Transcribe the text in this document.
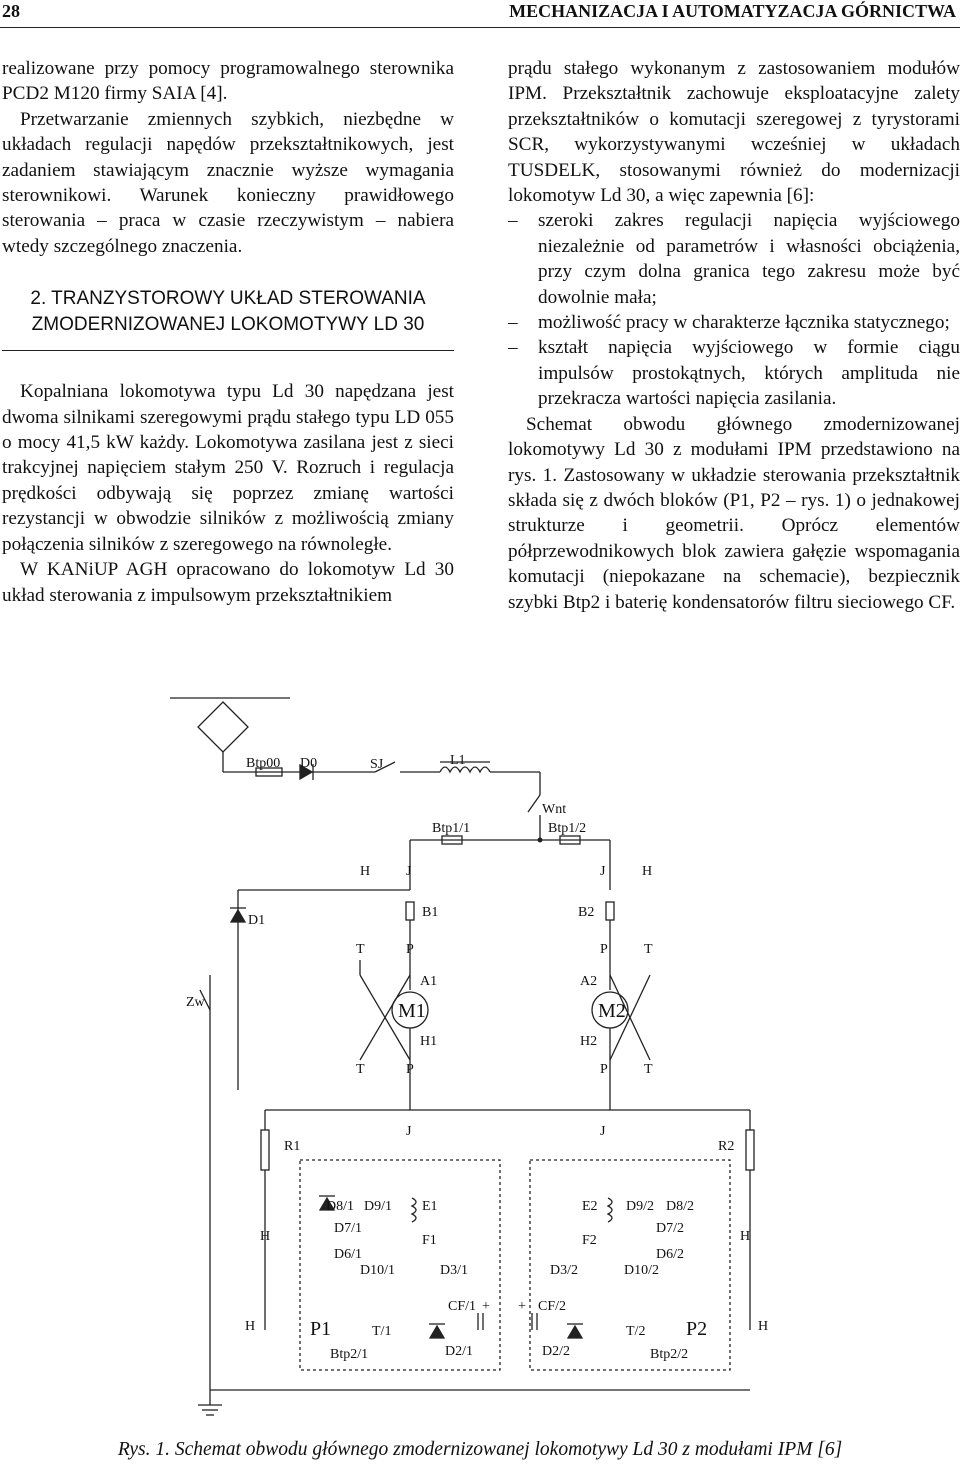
28	MECHANIZACJA I AUTOMATYZACJA GÓRNICTWA

realizowane przy pomocy programowalnego sterownika PCD2 M120 firmy SAIA [4].

Przetwarzanie zmiennych szybkich, niezbędne w układach regulacji napędów przekształtnikowych, jest zadaniem stawiającym znacznie wyższe wymagania sterownikowi. Warunek konieczny prawidłowego sterowania – praca w czasie rzeczywistym – nabiera wtedy szczególnego znaczenia.

2. TRANZYSTOROWY UKŁAD STEROWANIA
ZMODERNIZOWANEJ LOKOMOTYWY LD 30

Kopalniana lokomotywa typu Ld 30 napędzana jest dwoma silnikami szeregowymi prądu stałego typu LD 055 o mocy 41,5 kW każdy. Lokomotywa zasilana jest z sieci trakcyjnej napięciem stałym 250 V. Rozruch i regulacja prędkości odbywają się poprzez zmianę wartości rezystancji w obwodzie silników z możliwością zmiany połączenia silników z szeregowego na równoległe.

W KANiUP AGH opracowano do lokomotyw Ld 30 układ sterowania z impulsowym przekształtnikiem

prądu stałego wykonanym z zastosowaniem modułów IPM. Przekształtnik zachowuje eksploatacyjne zalety przekształtników o komutacji szeregowej z tyrystorami SCR, wykorzystywanymi wcześniej w układach TUSDELK, stosowanymi również do modernizacji lokomotyw Ld 30, a więc zapewnia [6]:

– szeroki zakres regulacji napięcia wyjściowego niezależnie od parametrów i własności obciążenia, przy czym dolna granica tego zakresu może być dowolnie mała;
– możliwość pracy w charakterze łącznika statycznego;
– kształt napięcia wyjściowego w formie ciągu impulsów prostokątnych, których amplituda nie przekracza wartości napięcia zasilania.

Schemat obwodu głównego zmodernizowanej lokomotywy Ld 30 z modułami IPM przedstawiono na rys. 1. Zastosowany w układzie sterowania przekształtnik składa się z dwóch bloków (P1, P2 – rys. 1) o jednakowej strukturze i geometrii. Oprócz elementów półprzewodnikowych blok zawiera gałęzie wspomagania komutacji (niepokazane na schemacie), bezpiecznik szybki Btp2 i baterię kondensatorów filtru sieciowego CF.

Btp00 D0	SJ	L1
Wnt
Btp1/1	Btp1/2
D1
Zw
H	J
B1
T	P
A1
M1
H1
T	P
J	H
B2
P	T
A2
M2
H2
P	T
J	J
R1	R2
H	H
H	H
D8/1 D9/1
D7/1
D6/1
D10/1
E1
F1
D3/1
P1	T/1
CF/1 +
Btp2/1	D2/1
E2
F2
D9/2 D8/2
D7/2
D6/2
D10/2
D3/2
+ CF/2
T/2 P2
D2/2	Btp2/2
Rys. 1. Schemat obwodu głównego zmodernizowanej lokomotywy Ld 30 z modułami IPM [6]
